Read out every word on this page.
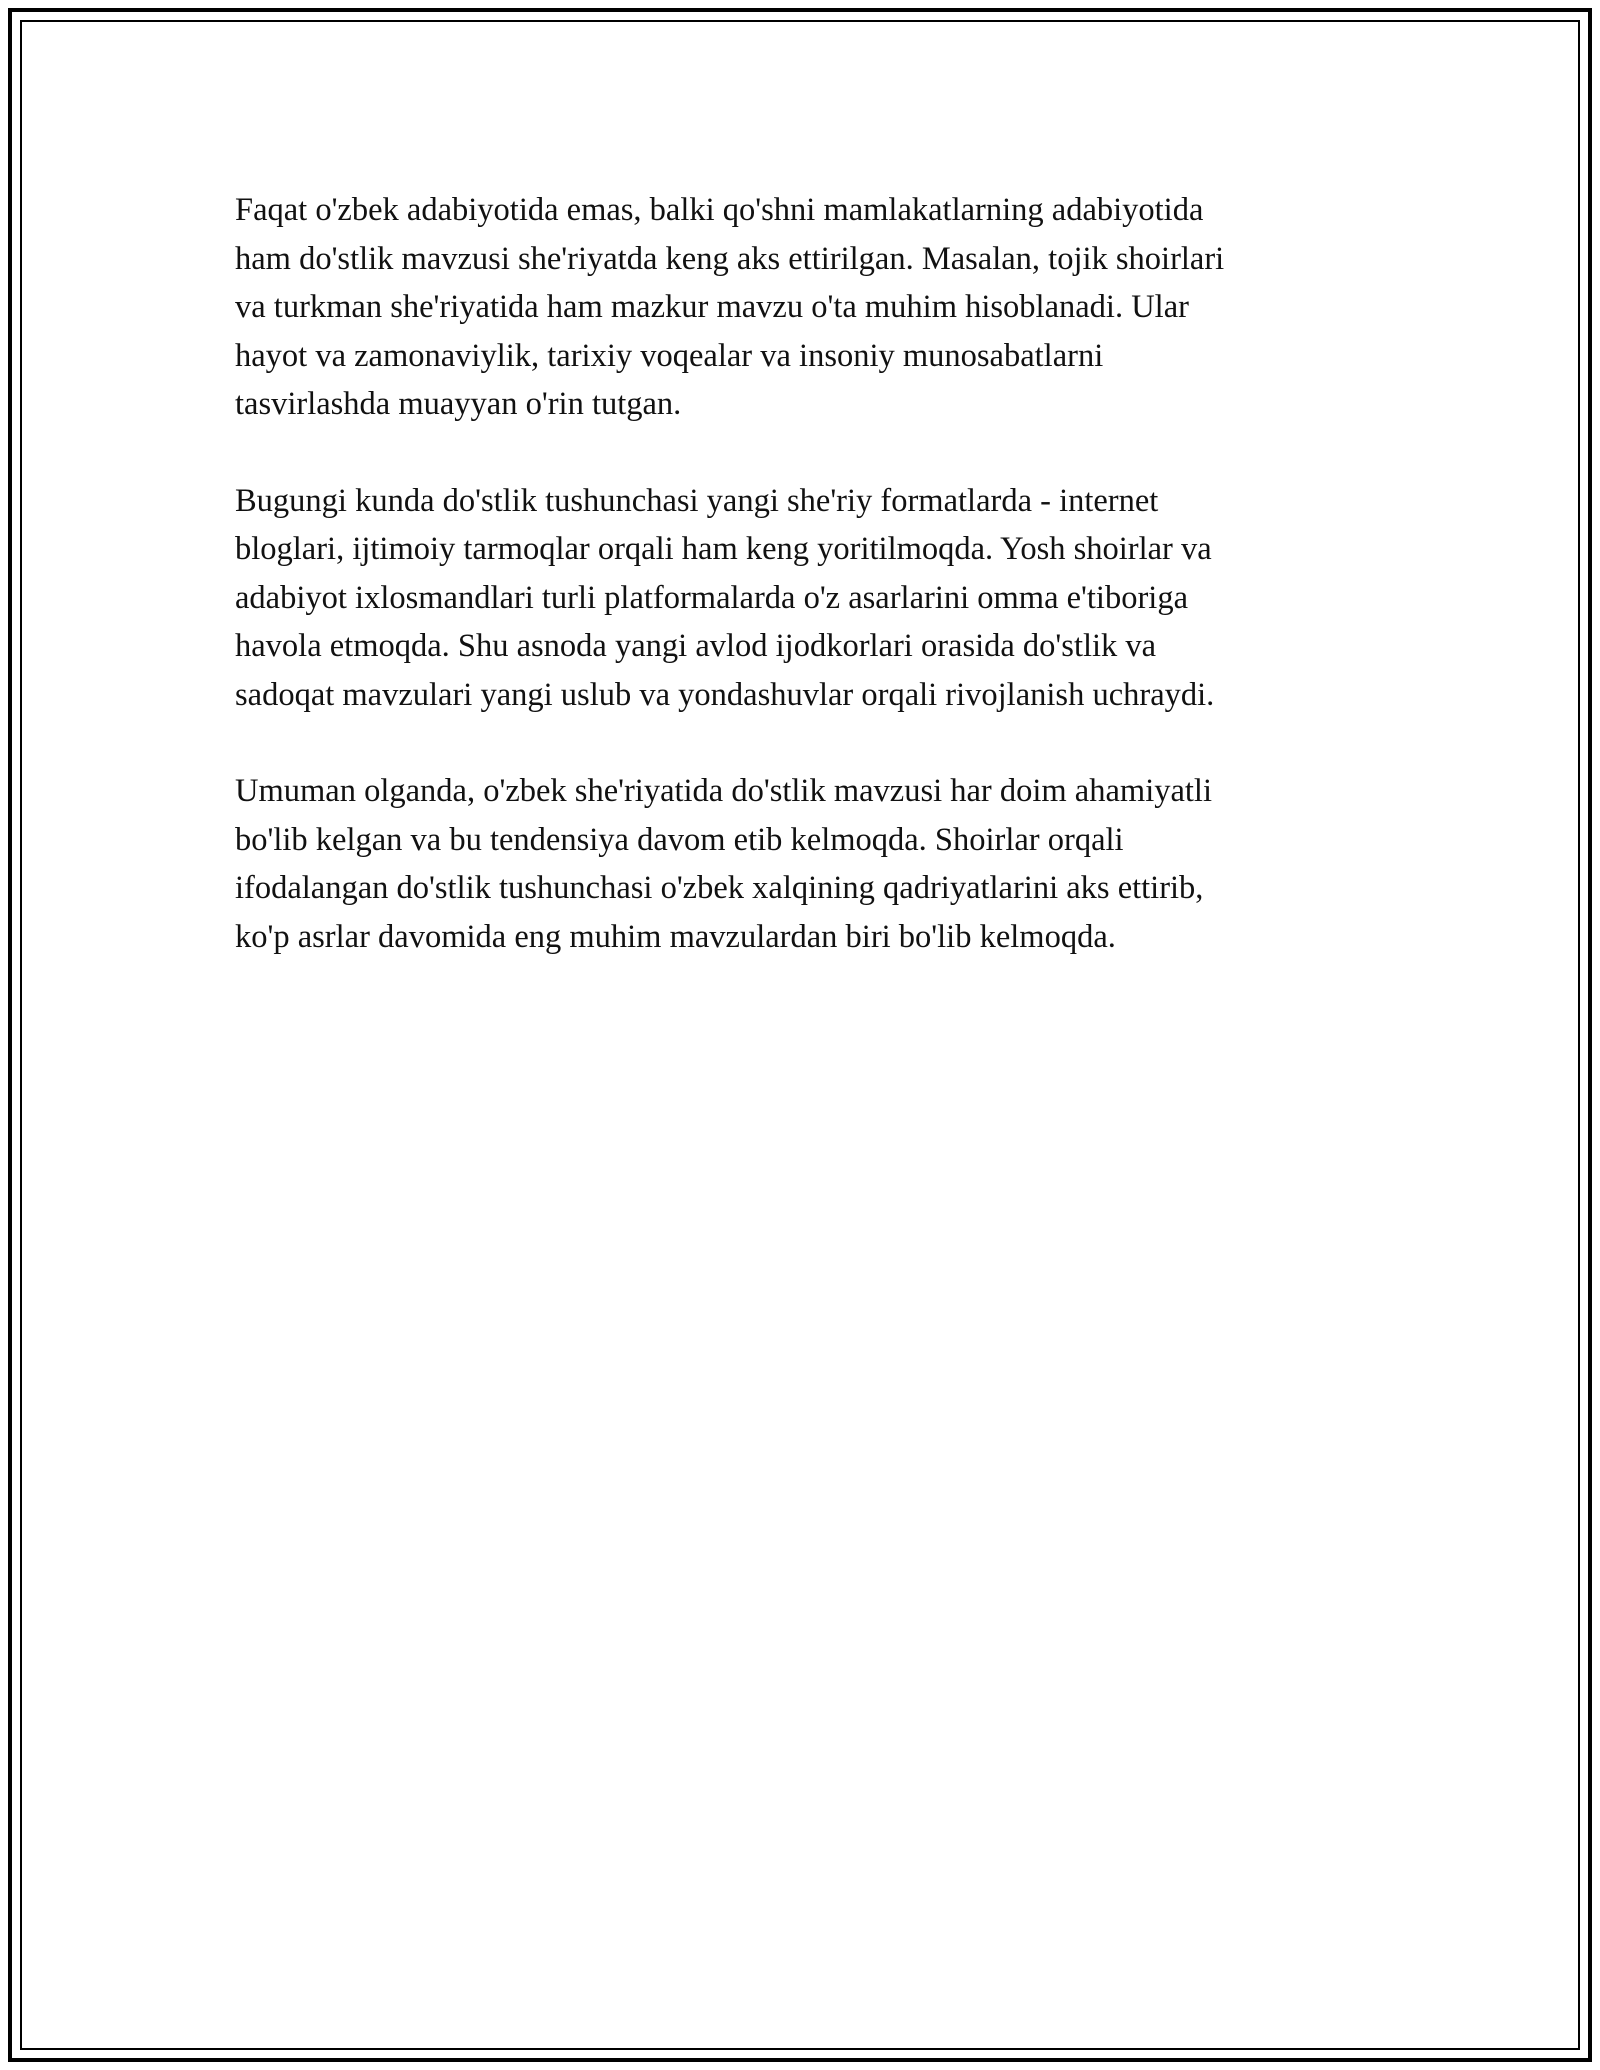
Faqat o'zbek adabiyotida emas, balki qo'shni mamlakatlarning adabiyotida
ham do'stlik mavzusi she'riyatda keng aks ettirilgan. Masalan, tojik shoirlari
va turkman she'riyatida ham mazkur mavzu o'ta muhim hisoblanadi. Ular
hayot va zamonaviylik, tarixiy voqealar va insoniy munosabatlarni
tasvirlashda muayyan o'rin tutgan.

Bugungi kunda do'stlik tushunchasi yangi she'riy formatlarda - internet
bloglari, ijtimoiy tarmoqlar orqali ham keng yoritilmoqda. Yosh shoirlar va
adabiyot ixlosmandlari turli platformalarda o'z asarlarini omma e'tiboriga
havola etmoqda. Shu asnoda yangi avlod ijodkorlari orasida do'stlik va
sadoqat mavzulari yangi uslub va yondashuvlar orqali rivojlanish uchraydi.

Umuman olganda, o'zbek she'riyatida do'stlik mavzusi har doim ahamiyatli
bo'lib kelgan va bu tendensiya davom etib kelmoqda. Shoirlar orqali
ifodalangan do'stlik tushunchasi o'zbek xalqining qadriyatlarini aks ettirib,
ko'p asrlar davomida eng muhim mavzulardan biri bo'lib kelmoqda.
